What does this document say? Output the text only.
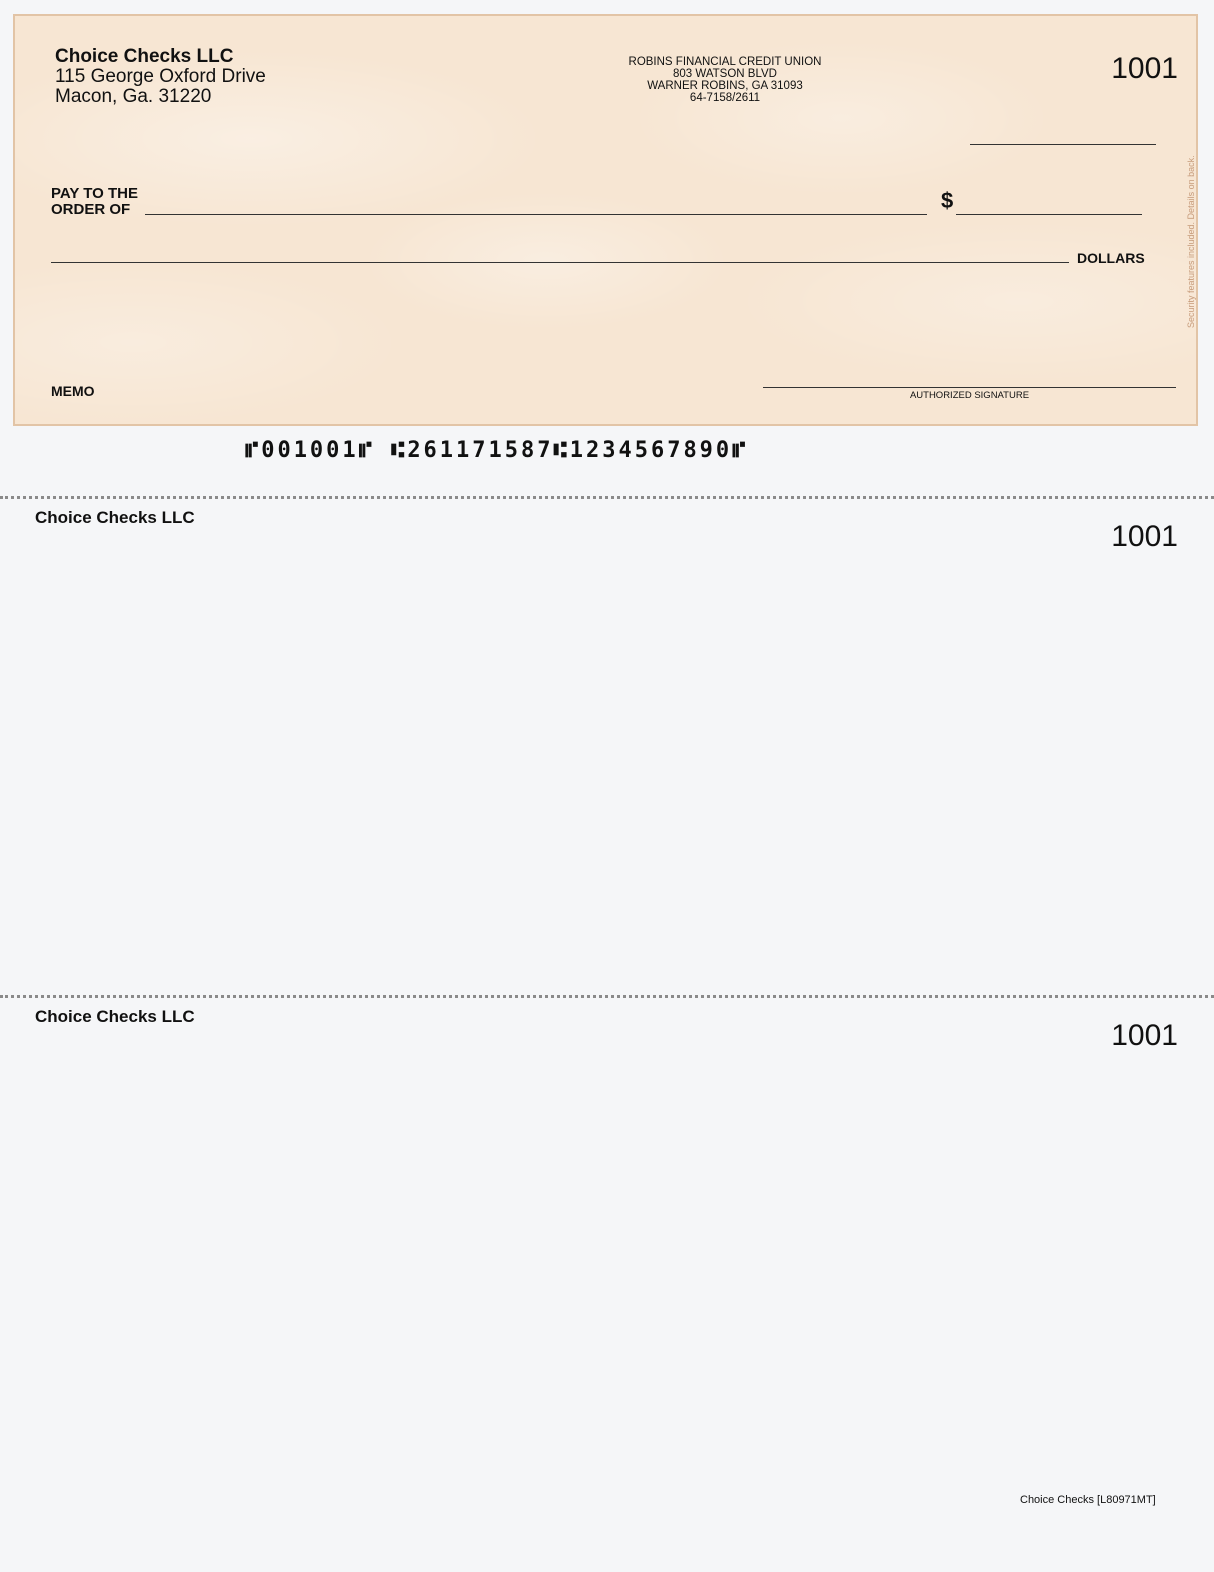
Choice Checks LLC
115 George Oxford Drive
Macon, Ga. 31220
ROBINS FINANCIAL CREDIT UNION
803 WATSON BLVD
WARNER ROBINS, GA 31093
64-7158/2611
1001
PAY TO THE
ORDER OF	$
DOLLARS
MEMO	AUTHORIZED SIGNATURE
Security features included. Details on back.
⑈001001⑈ ⑆261171587⑆1234567890⑈
Choice Checks LLC
1001
Choice Checks LLC
1001
Choice Checks [L80971MT]
